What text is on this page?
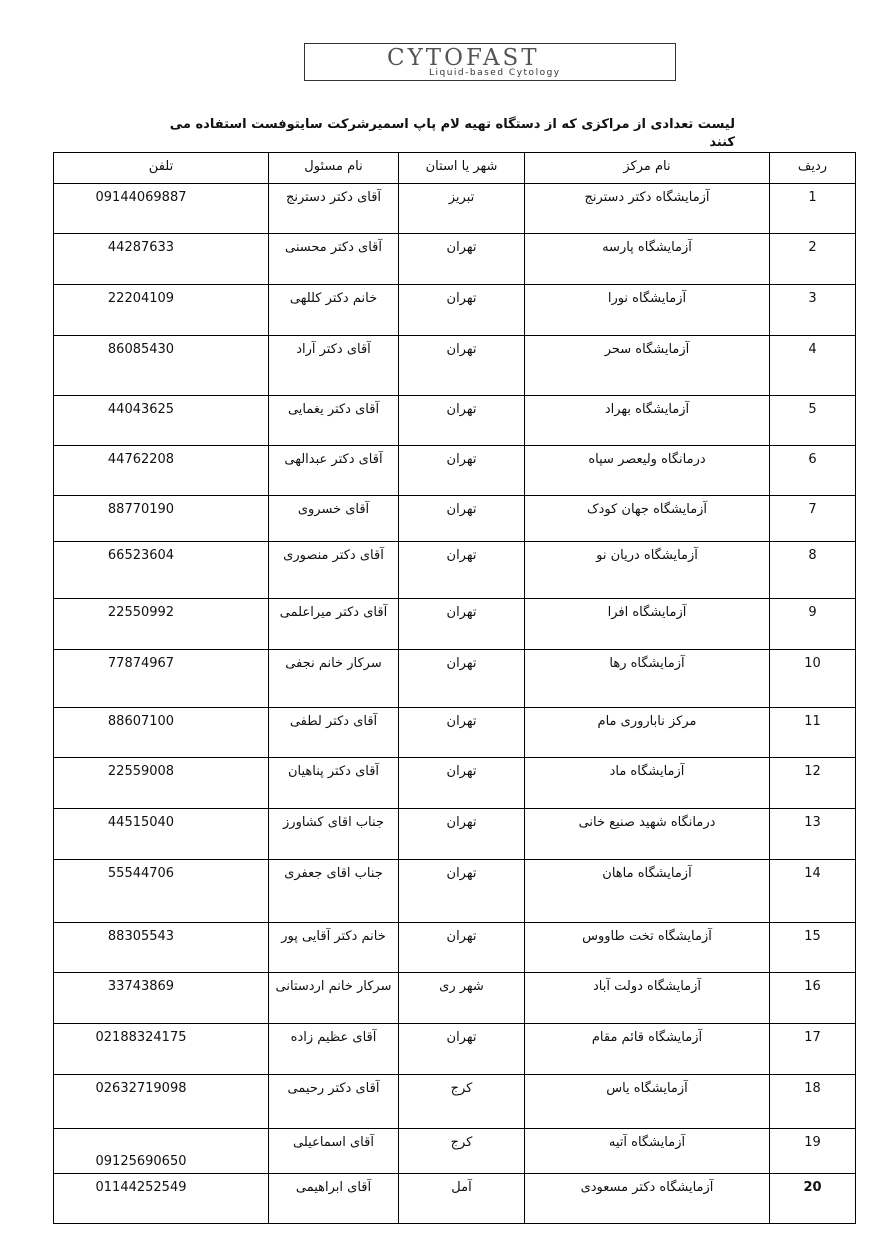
CYTOFAST
Liquid-based Cytology
لیست تعدادی از مراکزی که از دستگاه تهیه لام پاپ اسمیرشرکت سایتوفست استفاده می کنند
تلفن	نام مسئول	شهر یا استان	نام مرکز	ردیف
09144069887	آقای دکتر دسترنج	تبریز	آزمایشگاه دکتر دسترنج	1
44287633	آقای دکتر محسنی	تهران	آزمایشگاه پارسه	2
22204109	خانم دکتر کللهی	تهران	آزمایشگاه نورا	3
86085430	آقای دکتر آراد	تهران	آزمایشگاه سحر	4
44043625	آقای دکتر یغمایی	تهران	آزمایشگاه بهراد	5
44762208	آقای دکتر عبدالهی	تهران	درمانگاه ولیعصر سپاه	6
88770190	آقای خسروی	تهران	آزمایشگاه جهان کودک	7
66523604	آقای دکتر منصوری	تهران	آزمایشگاه دریان نو	8
22550992	آقای دکتر میراعلمی	تهران	آزمایشگاه افرا	9
77874967	سرکار خانم نجفی	تهران	آزمایشگاه رها	10
88607100	آقای دکتر لطفی	تهران	مرکز ناباروری مام	11
22559008	آقای دکتر پناهیان	تهران	آزمایشگاه ماد	12
44515040	جناب اقای کشاورز	تهران	درمانگاه شهید صنیع خانی	13
55544706	جناب اقای جعفری	تهران	آزمایشگاه ماهان	14
88305543	خانم دکتر آقایی پور	تهران	آزمایشگاه تخت طاووس	15
33743869	سرکار خانم اردستانی	شهر ری	آزمایشگاه دولت آباد	16
02188324175	آقای عظیم زاده	تهران	آزمایشگاه قائم مقام	17
02632719098	آقای دکتر رحیمی	کرج	آزمایشگاه یاس	18
09125690650	آقای اسماعیلی	کرج	آزمایشگاه آتیه	19
01144252549	آقای ابراهیمی	آمل	آزمایشگاه دکتر مسعودی	20
